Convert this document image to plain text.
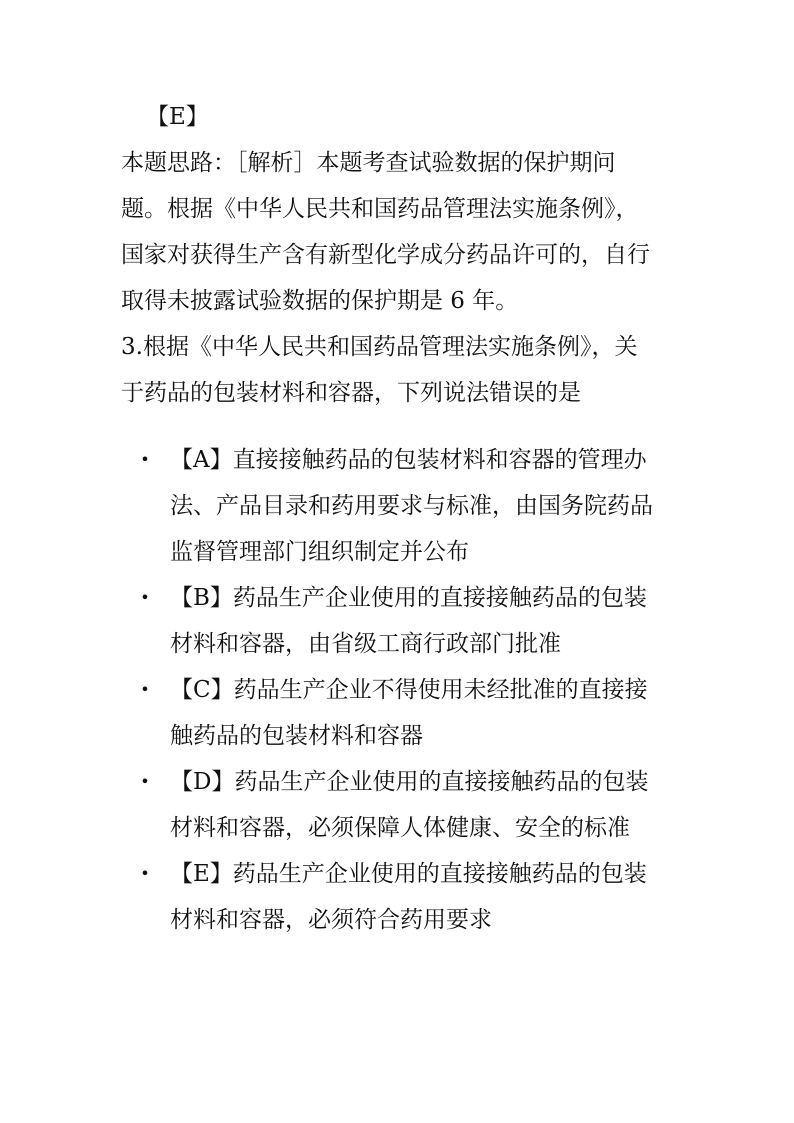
【E】
本题思路：［解析］本题考查试验数据的保护期问
题。根据《中华人民共和国药品管理法实施条例》，
国家对获得生产含有新型化学成分药品许可的，自行
取得未披露试验数据的保护期是 6 年。
3.根据《中华人民共和国药品管理法实施条例》，关
于药品的包装材料和容器，下列说法错误的是
• 【A】直接接触药品的包装材料和容器的管理办
法、产品目录和药用要求与标准，由国务院药品
监督管理部门组织制定并公布
• 【B】药品生产企业使用的直接接触药品的包装
材料和容器，由省级工商行政部门批准
• 【C】药品生产企业不得使用未经批准的直接接
触药品的包装材料和容器
• 【D】药品生产企业使用的直接接触药品的包装
材料和容器，必须保障人体健康、安全的标准
• 【E】药品生产企业使用的直接接触药品的包装
材料和容器，必须符合药用要求
